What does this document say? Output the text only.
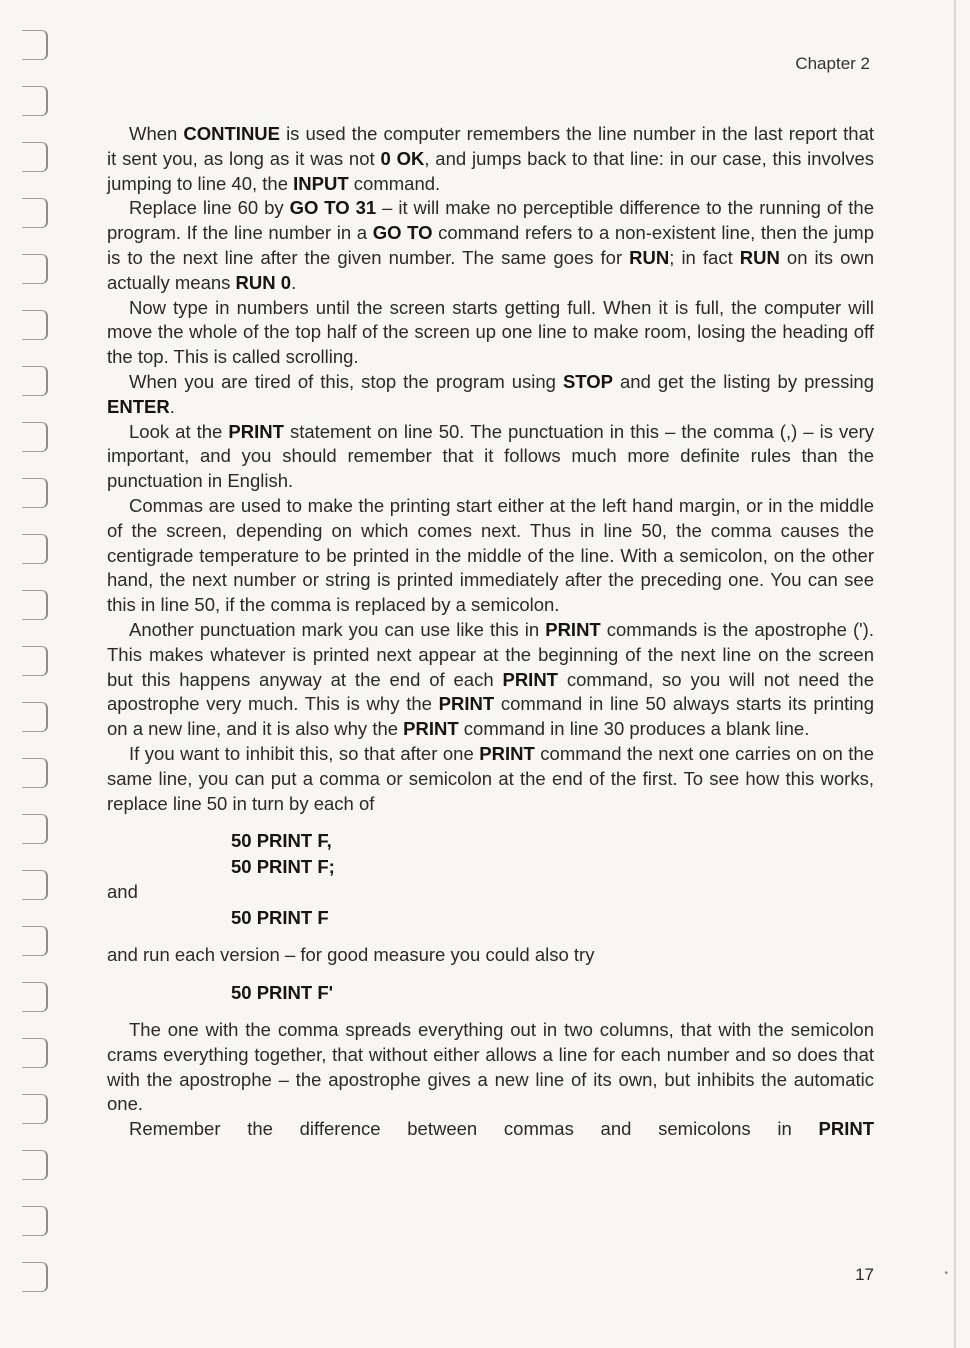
Chapter 2

When CONTINUE is used the computer remembers the line number in the last report that it sent you, as long as it was not 0 OK, and jumps back to that line: in our case, this involves jumping to line 40, the INPUT command.

Replace line 60 by GO TO 31 – it will make no perceptible difference to the running of the program. If the line number in a GO TO command refers to a non-existent line, then the jump is to the next line after the given number. The same goes for RUN; in fact RUN on its own actually means RUN 0.

Now type in numbers until the screen starts getting full. When it is full, the computer will move the whole of the top half of the screen up one line to make room, losing the heading off the top. This is called scrolling.

When you are tired of this, stop the program using STOP and get the listing by pressing ENTER.

Look at the PRINT statement on line 50. The punctuation in this – the comma (,) – is very important, and you should remember that it follows much more definite rules than the punctuation in English.

Commas are used to make the printing start either at the left hand margin, or in the middle of the screen, depending on which comes next. Thus in line 50, the comma causes the centigrade temperature to be printed in the middle of the line. With a semicolon, on the other hand, the next number or string is printed immediately after the preceding one. You can see this in line 50, if the comma is replaced by a semicolon.

Another punctuation mark you can use like this in PRINT commands is the apostrophe ('). This makes whatever is printed next appear at the beginning of the next line on the screen but this happens anyway at the end of each PRINT command, so you will not need the apostrophe very much. This is why the PRINT command in line 50 always starts its printing on a new line, and it is also why the PRINT command in line 30 produces a blank line.

If you want to inhibit this, so that after one PRINT command the next one carries on on the same line, you can put a comma or semicolon at the end of the first. To see how this works, replace line 50 in turn by each of

50 PRINT F,
50 PRINT F;

and

50 PRINT F

and run each version – for good measure you could also try

50 PRINT F'

The one with the comma spreads everything out in two columns, that with the semicolon crams everything together, that without either allows a line for each number and so does that with the apostrophe – the apostrophe gives a new line of its own, but inhibits the automatic one.

Remember the difference between commas and semicolons in PRINT

17	•
